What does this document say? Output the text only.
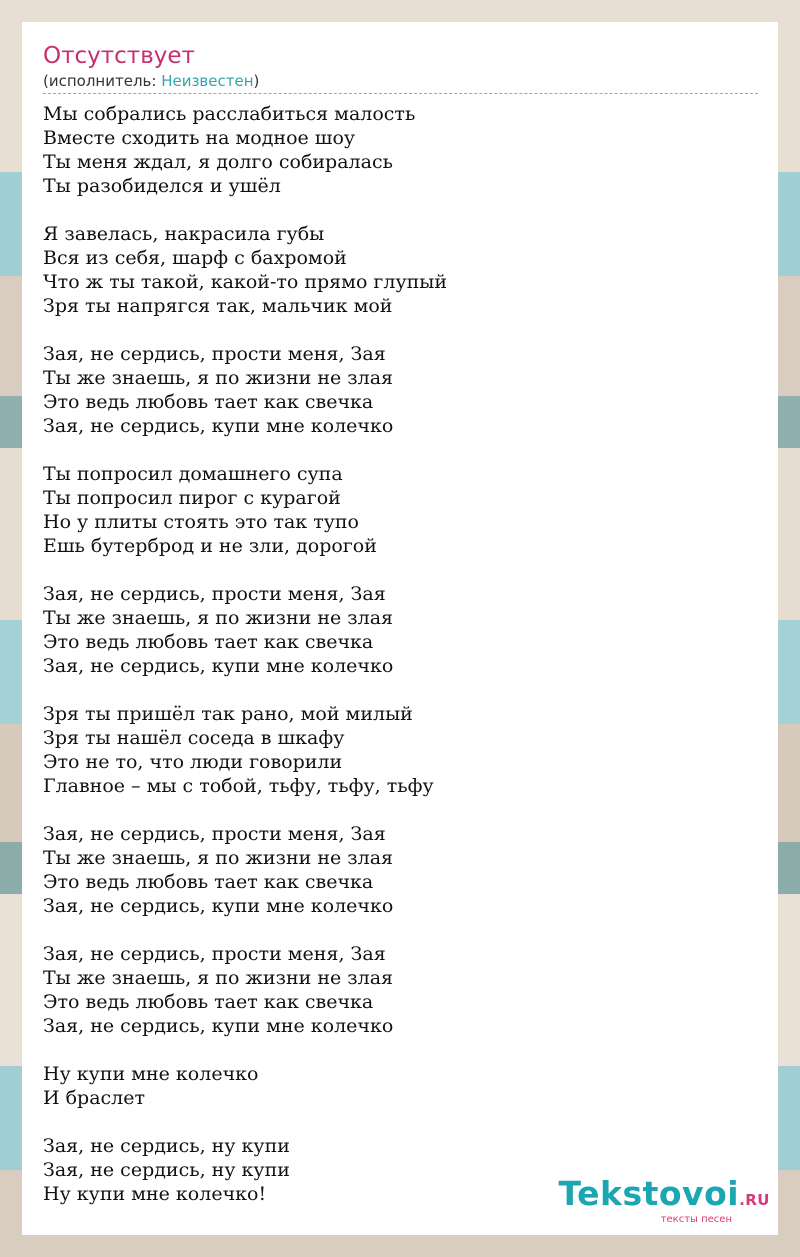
Отсутствует
(исполнитель: Неизвестен)
Мы собрались расслабиться малость
Вместе сходить на модное шоу
Ты меня ждал, я долго собиралась
Ты разобиделся и ушёл
Я завелась, накрасила губы
Вся из себя, шарф с бахромой
Что ж ты такой, какой-то прямо глупый
Зря ты напрягся так, мальчик мой
Зая, не сердись, прости меня, Зая
Ты же знаешь, я по жизни не злая
Это ведь любовь тает как свечка
Зая, не сердись, купи мне колечко
Ты попросил домашнего супа
Ты попросил пирог с курагой
Но у плиты стоять это так тупо
Ешь бутерброд и не зли, дорогой
Зая, не сердись, прости меня, Зая
Ты же знаешь, я по жизни не злая
Это ведь любовь тает как свечка
Зая, не сердись, купи мне колечко
Зря ты пришёл так рано, мой милый
Зря ты нашёл соседа в шкафу
Это не то, что люди говорили
Главное – мы с тобой, тьфу, тьфу, тьфу
Зая, не сердись, прости меня, Зая
Ты же знаешь, я по жизни не злая
Это ведь любовь тает как свечка
Зая, не сердись, купи мне колечко
Зая, не сердись, прости меня, Зая
Ты же знаешь, я по жизни не злая
Это ведь любовь тает как свечка
Зая, не сердись, купи мне колечко
Ну купи мне колечко
И браслет
Зая, не сердись, ну купи
Зая, не сердись, ну купи
Ну купи мне колечко!	Tekstovoi.RU
тексты песен
